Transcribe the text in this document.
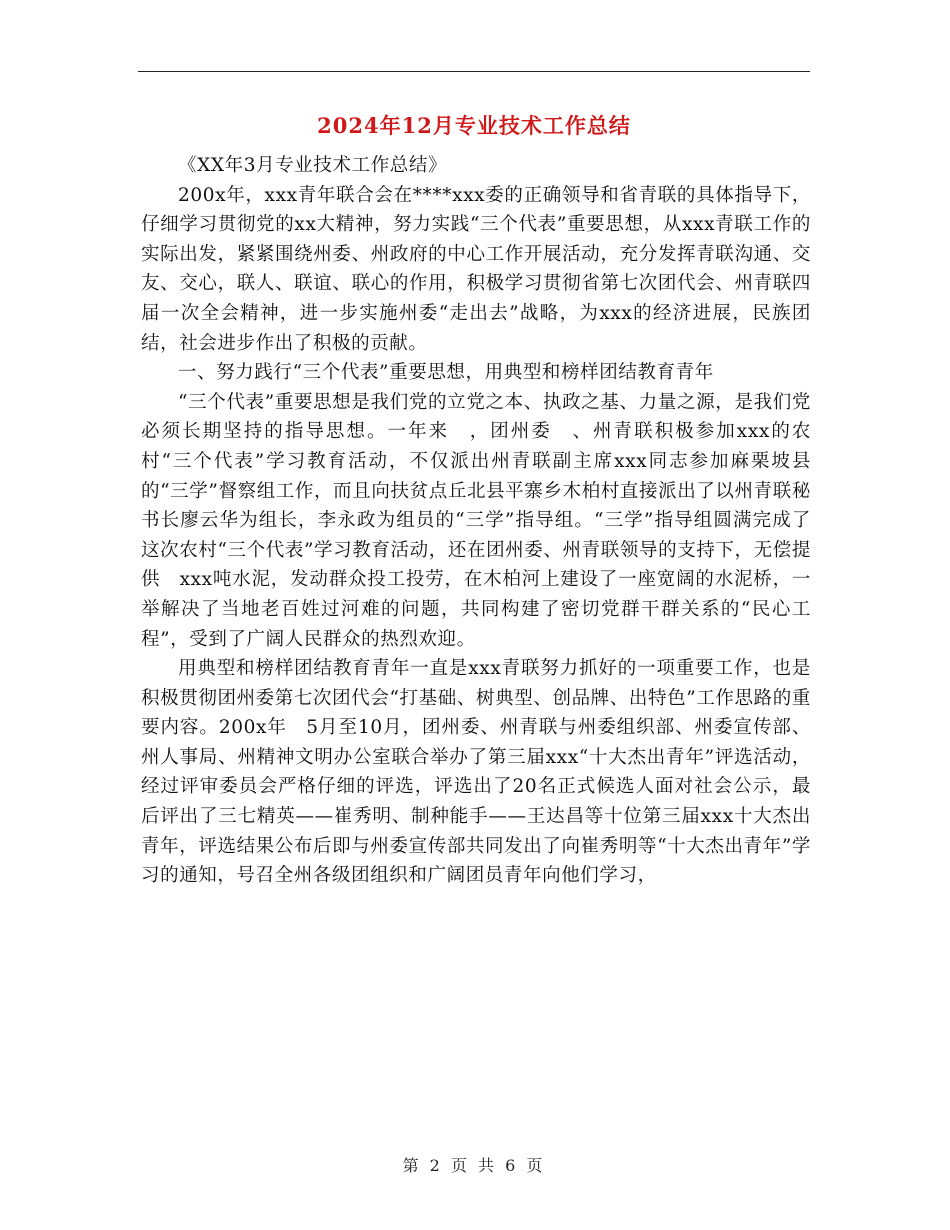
2024年12月专业技术工作总结

《XX年3月专业技术工作总结》

200x年，xxx青年联合会在****xxx委的正确领导和省青联的具体指导下，仔细学习贯彻党的xx大精神，努力实践“三个代表”重要思想，从xxx青联工作的实际出发，紧紧围绕州委、州政府的中心工作开展活动，充分发挥青联沟通、交友、交心，联人、联谊、联心的作用，积极学习贯彻省第七次团代会、州青联四届一次全会精神，进一步实施州委“走出去”战略，为xxx的经济进展，民族团结，社会进步作出了积极的贡献。

一、努力践行“三个代表”重要思想，用典型和榜样团结教育青年

“三个代表”重要思想是我们党的立党之本、执政之基、力量之源，是我们党必须长期坚持的指导思想。一年来　，团州委　、州青联积极参加xxx的农村“三个代表”学习教育活动，不仅派出州青联副主席xxx同志参加麻栗坡县的“三学”督察组工作，而且向扶贫点丘北县平寨乡木柏村直接派出了以州青联秘书长廖云华为组长，李永政为组员的“三学”指导组。“三学”指导组圆满完成了这次农村“三个代表”学习教育活动，还在团州委、州青联领导的支持下，无偿提供　xxx吨水泥，发动群众投工投劳，在木柏河上建设了一座宽阔的水泥桥，一举解决了当地老百姓过河难的问题，共同构建了密切党群干群关系的“民心工程”，受到了广阔人民群众的热烈欢迎。

用典型和榜样团结教育青年一直是xxx青联努力抓好的一项重要工作，也是积极贯彻团州委第七次团代会“打基础、树典型、创品牌、出特色”工作思路的重要内容。200x年　5月至10月，团州委、州青联与州委组织部、州委宣传部、州人事局、州精神文明办公室联合举办了第三届xxx“十大杰出青年”评选活动，经过评审委员会严格仔细的评选，评选出了20名正式候选人面对社会公示，最后评出了三七精英——崔秀明、制种能手——王达昌等十位第三届xxx十大杰出青年，评选结果公布后即与州委宣传部共同发出了向崔秀明等“十大杰出青年”学习的通知，号召全州各级团组织和广阔团员青年向他们学习，

第 2 页 共 6 页
